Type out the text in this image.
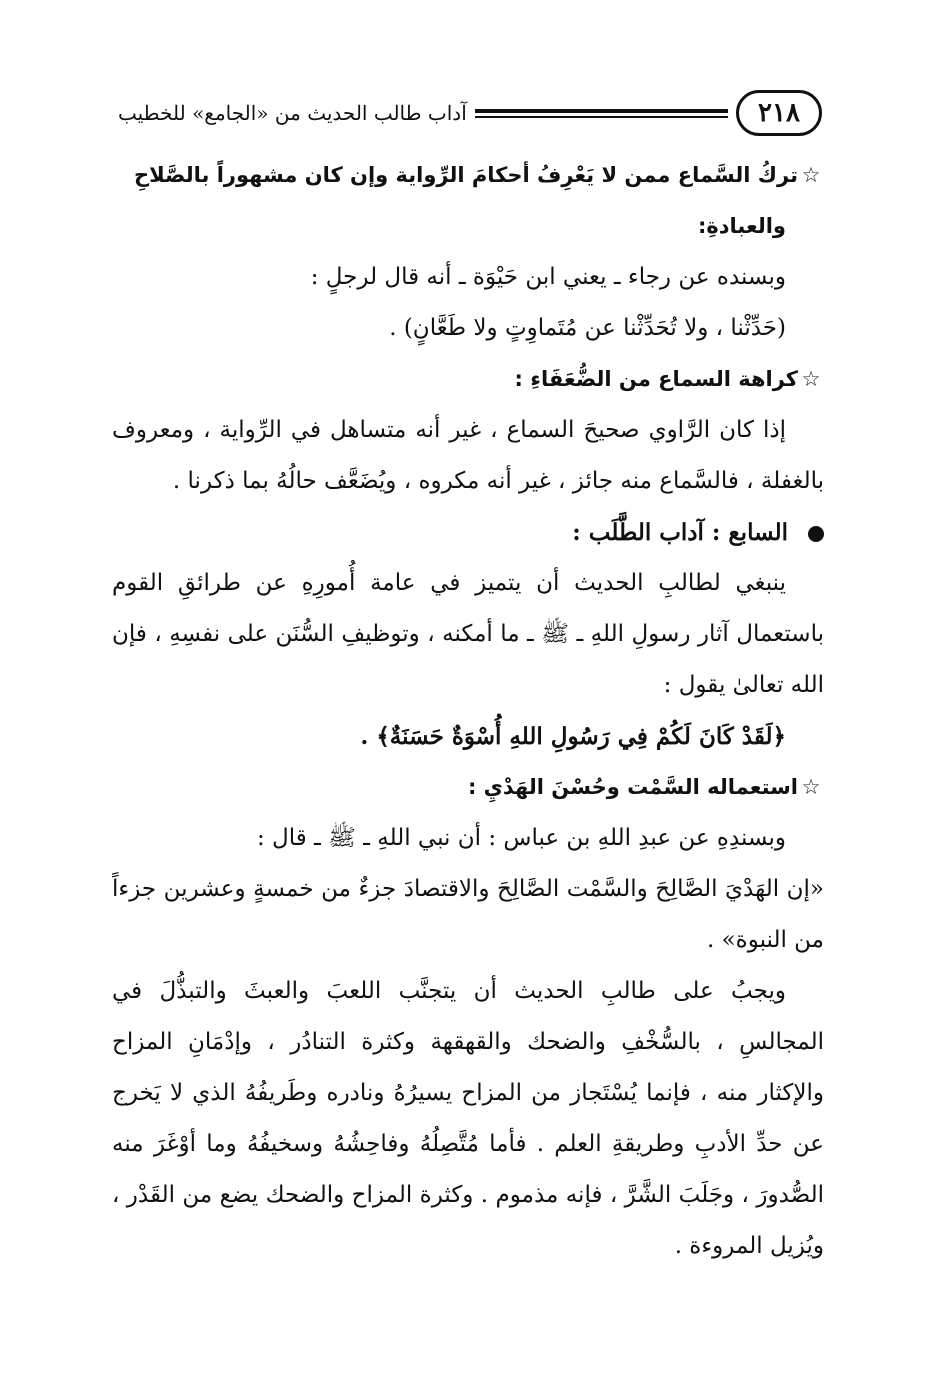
٢١٨
آداب طالب الحديث من «الجامع» للخطيب

☆تركُ السَّماع ممن لا يَعْرِفُ أحكامَ الرِّواية وإن كان مشهوراً بالصَّلاحِ

والعبادةِ:

وبسنده عن رجاء ـ يعني ابن حَيْوَة ـ أنه قال لرجلٍ :

(حَدِّثْنا ، ولا تُحَدِّثْنا عن مُتَماوِتٍ ولا طَعَّانٍ) .

☆كراهة السماع من الضُّعَفَاءِ :

إذا كان الرَّاوي صحيحَ السماع ، غير أنه متساهل في الرِّواية ، ومعروف بالغفلة ، فالسَّماع منه جائز ، غير أنه مكروه ، ويُضَعَّف حالُهُ بما ذكرنا .

السابع : آداب الطَّلَب :

ينبغي لطالبِ الحديث أن يتميز في عامة أُمورِهِ عن طرائقِ القوم باستعمال آثار رسولِ اللهِ ـ ﷺ ـ ما أمكنه ، وتوظيفِ السُّنَن على نفسِهِ ، فإن الله تعالىٰ يقول :

﴿لَقَدْ كَانَ لَكُمْ فِي رَسُولِ اللهِ أُسْوَةٌ حَسَنَةٌ﴾ .

☆استعماله السَّمْت وحُسْنَ الهَدْيِ :

وبسندِهِ عن عبدِ اللهِ بن عباس : أن نبي اللهِ ـ ﷺ ـ قال :

«إن الهَدْيَ الصَّالِحَ والسَّمْت الصَّالِحَ والاقتصادَ جزءٌ من خمسةٍ وعشرين جزءاً من النبوة» .

ويجبُ على طالبِ الحديث أن يتجنَّب اللعبَ والعبثَ والتبذُّلَ في المجالسِ ، بالسُّخْفِ والضحك والقهقهة وكثرة التنادُر ، وإدْمَانِ المزاح والإكثار منه ، فإنما يُسْتَجاز من المزاح يسيرُهُ ونادره وطَريفُهُ الذي لا يَخرج عن حدِّ الأدبِ وطريقةِ العلم . فأما مُتَّصِلُهُ وفاحِشُهُ وسخيفُهُ وما أوْغَرَ منه الصُّدورَ ، وجَلَبَ الشَّرَّ ، فإنه مذموم . وكثرة المزاح والضحك يضع من القَدْر ، ويُزيل المروءة .
